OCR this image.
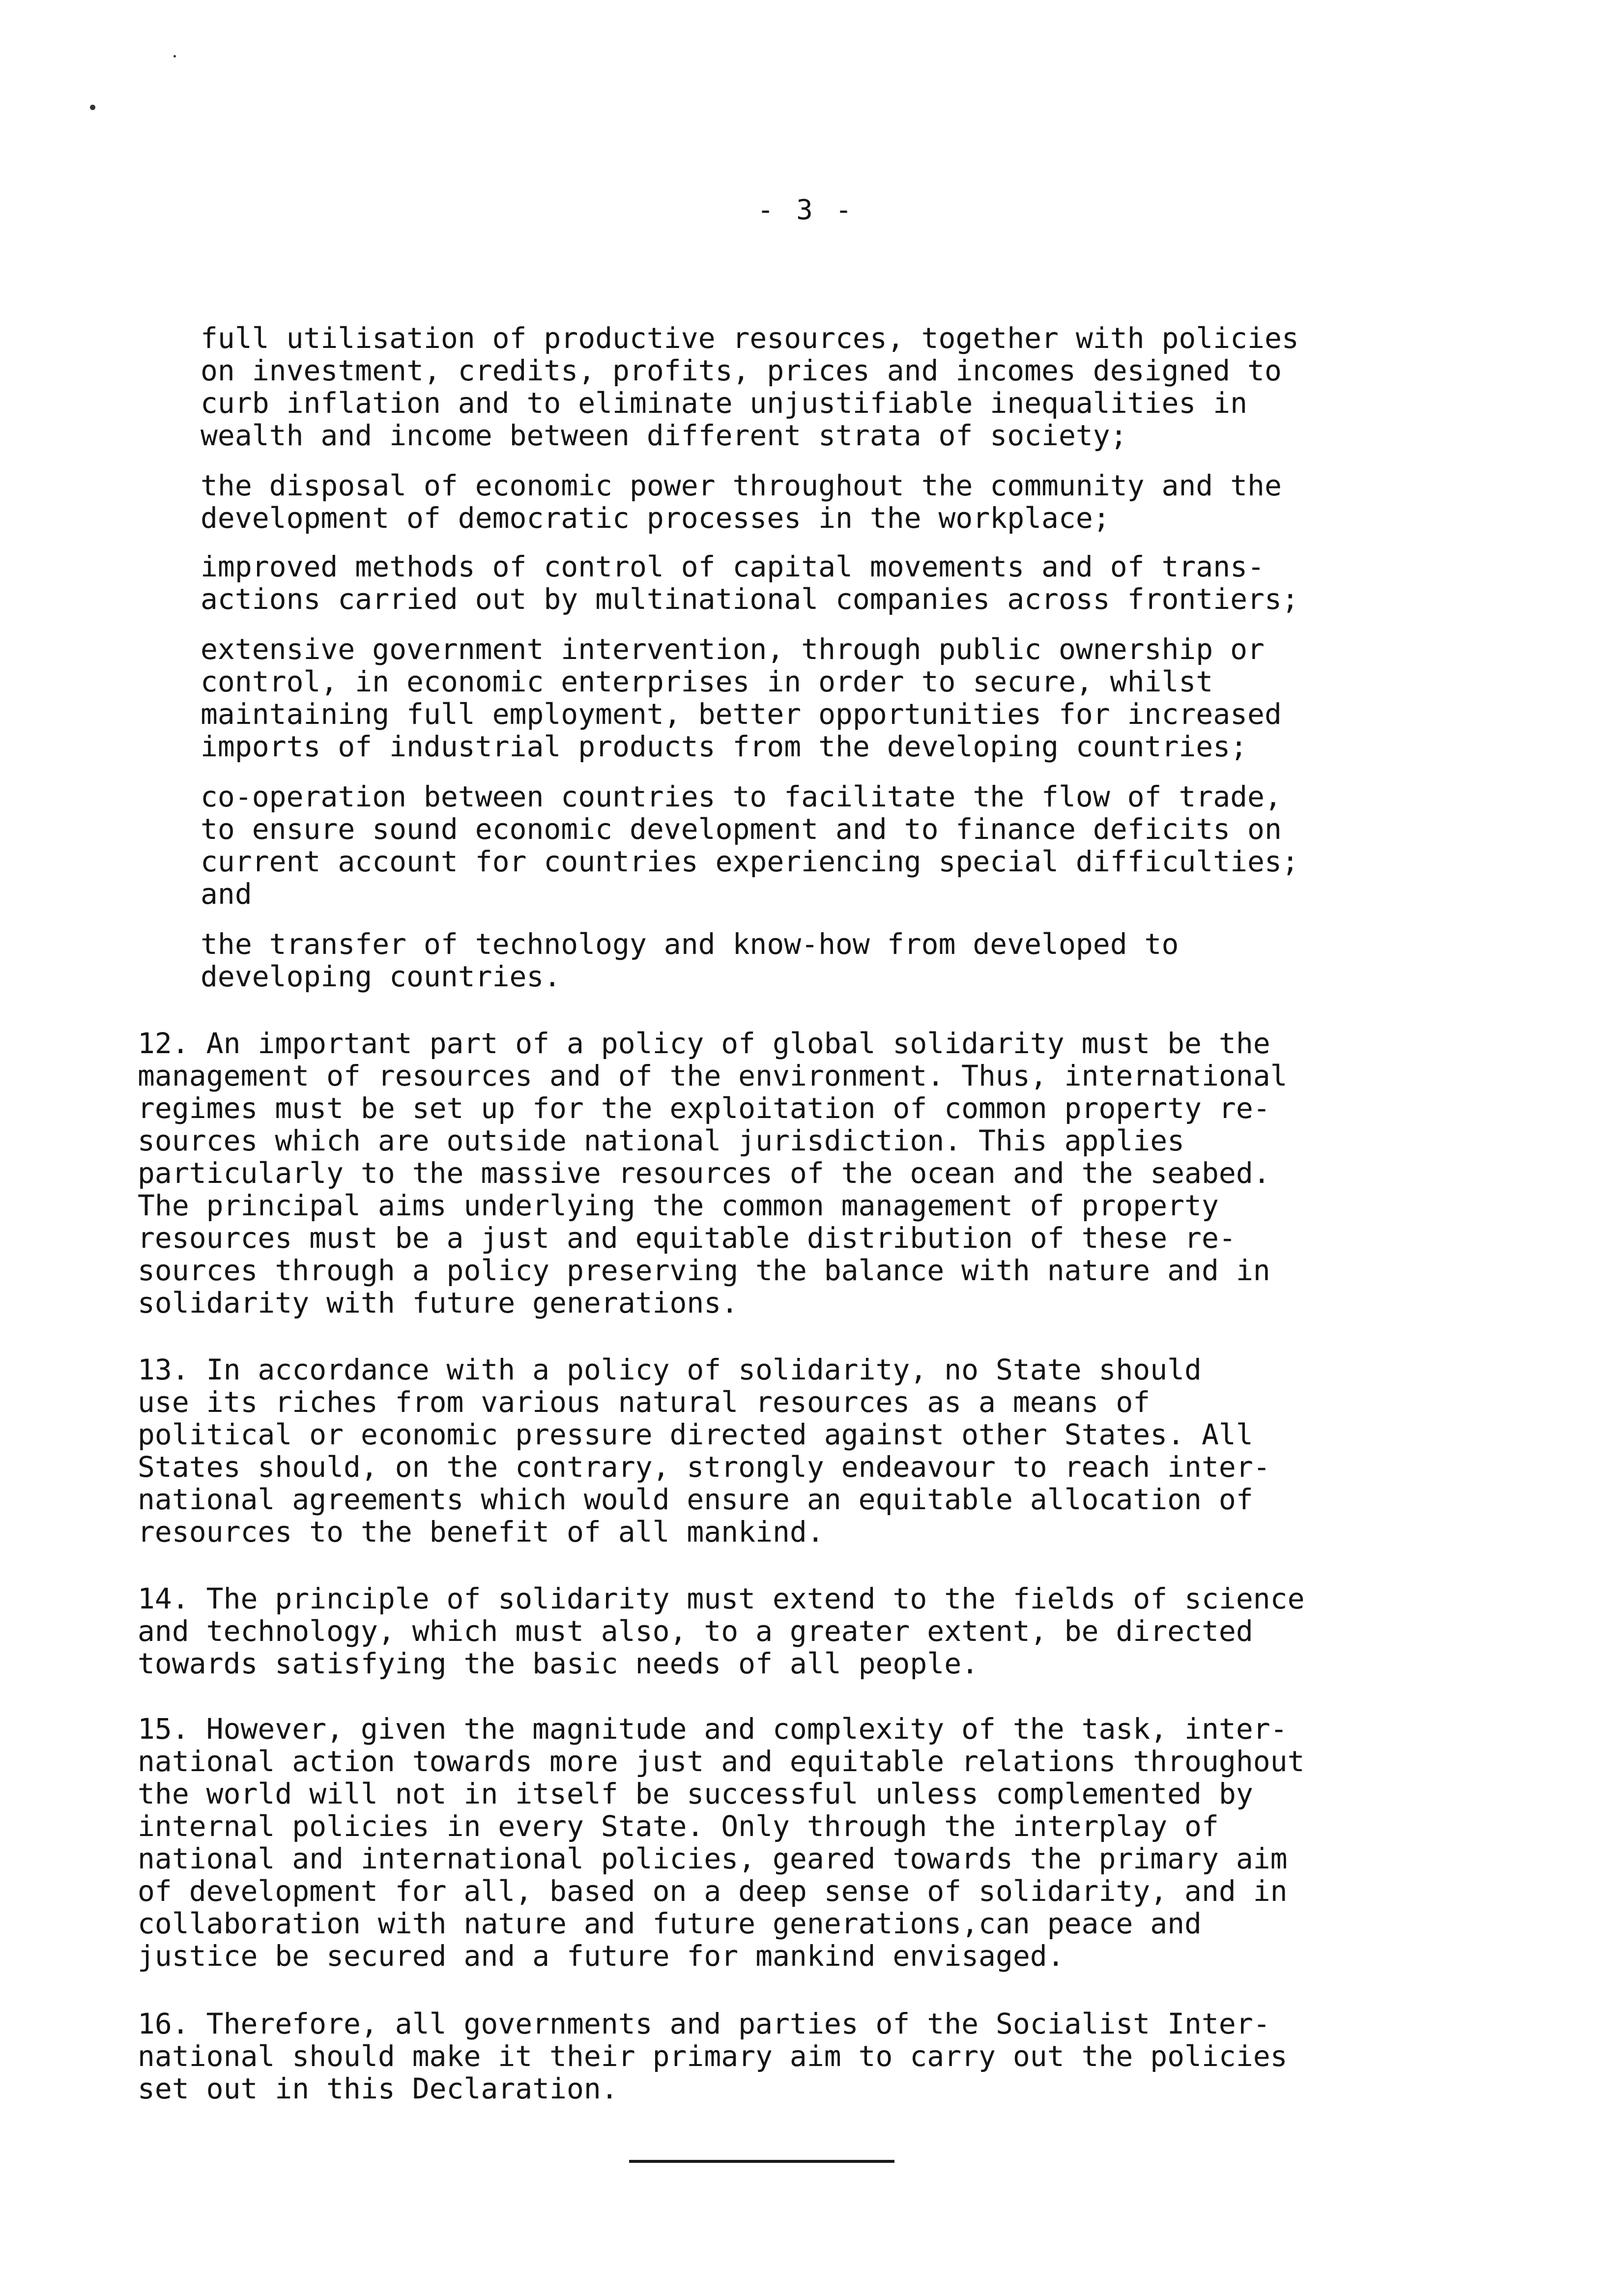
- 3 -
full utilisation of productive resources, together with policies
on investment, credits, profits, prices and incomes designed to
curb inflation and to eliminate unjustifiable inequalities in
wealth and income between different strata of society;
the disposal of economic power throughout the community and the
development of democratic processes in the workplace;
improved methods of control of capital movements and of trans-
actions carried out by multinational companies across frontiers;
extensive government intervention, through public ownership or
control, in economic enterprises in order to secure, whilst
maintaining full employment, better opportunities for increased
imports of industrial products from the developing countries;
co-operation between countries to facilitate the flow of trade,
to ensure sound economic development and to finance deficits on
current account for countries experiencing special difficulties;
and
the transfer of technology and know-how from developed to
developing countries.
12. An important part of a policy of global solidarity must be the
management of resources and of the environment. Thus, international
regimes must be set up for the exploitation of common property re-
sources which are outside national jurisdiction. This applies
particularly to the massive resources of the ocean and the seabed.
The principal aims underlying the common management of property
resources must be a just and equitable distribution of these re-
sources through a policy preserving the balance with nature and in
solidarity with future generations.
13. In accordance with a policy of solidarity, no State should
use its riches from various natural resources as a means of
political or economic pressure directed against other States. All
States should, on the contrary, strongly endeavour to reach inter-
national agreements which would ensure an equitable allocation of
resources to the benefit of all mankind.
14. The principle of solidarity must extend to the fields of science
and technology, which must also, to a greater extent, be directed
towards satisfying the basic needs of all people.
15. However, given the magnitude and complexity of the task, inter-
national action towards more just and equitable relations throughout
the world will not in itself be successful unless complemented by
internal policies in every State. Only through the interplay of
national and international policies, geared towards the primary aim
of development for all, based on a deep sense of solidarity, and in
collaboration with nature and future generations,can peace and
justice be secured and a future for mankind envisaged.
16. Therefore, all governments and parties of the Socialist Inter-
national should make it their primary aim to carry out the policies
set out in this Declaration.
